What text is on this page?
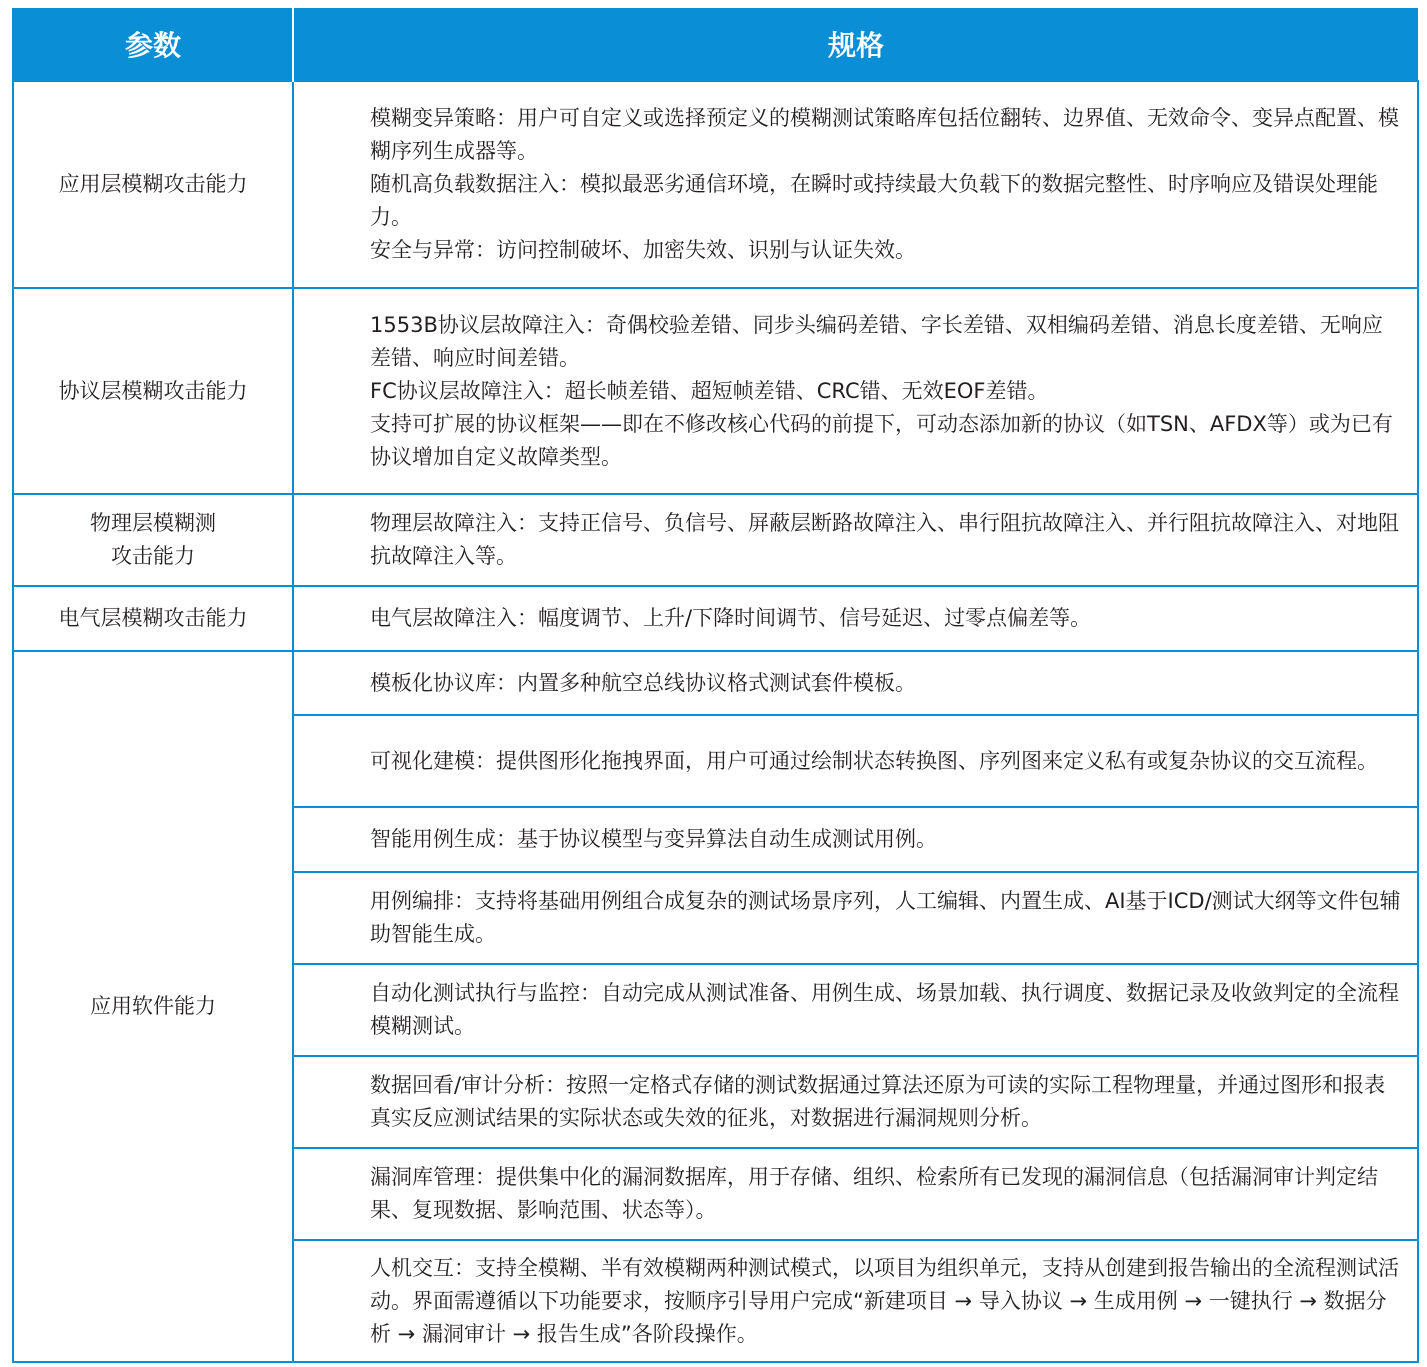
参数	规格
应用层模糊攻击能力	模糊变异策略：用户可自定义或选择预定义的模糊测试策略库包括位翻转、边界值、无效命令、变异点配置、模糊序列生成器等。
随机高负载数据注入：模拟最恶劣通信环境，在瞬时或持续最大负载下的数据完整性、时序响应及错误处理能力。
安全与异常：访问控制破坏、加密失效、识别与认证失效。

协议层模糊攻击能力	1553B协议层故障注入：奇偶校验差错、同步头编码差错、字长差错、双相编码差错、消息长度差错、无响应差错、响应时间差错。
FC协议层故障注入：超长帧差错、超短帧差错、CRC错、无效EOF差错。
支持可扩展的协议框架——即在不修改核心代码的前提下，可动态添加新的协议（如TSN、AFDX等）或为已有协议增加自定义故障类型。

物理层模糊测
攻击能力	物理层故障注入：支持正信号、负信号、屏蔽层断路故障注入、串行阻抗故障注入、并行阻抗故障注入、对地阻抗故障注入等。

电气层模糊攻击能力	电气层故障注入：幅度调节、上升/下降时间调节、信号延迟、过零点偏差等。

应用软件能力	模板化协议库：内置多种航空总线协议格式测试套件模板。
	可视化建模：提供图形化拖拽界面，用户可通过绘制状态转换图、序列图来定义私有或复杂协议的交互流程。
	智能用例生成：基于协议模型与变异算法自动生成测试用例。
	用例编排：支持将基础用例组合成复杂的测试场景序列，人工编辑、内置生成、AI基于ICD/测试大纲等文件包辅助智能生成。
	自动化测试执行与监控：自动完成从测试准备、用例生成、场景加载、执行调度、数据记录及收敛判定的全流程模糊测试。
	数据回看/审计分析：按照一定格式存储的测试数据通过算法还原为可读的实际工程物理量，并通过图形和报表真实反应测试结果的实际状态或失效的征兆，对数据进行漏洞规则分析。
	漏洞库管理：提供集中化的漏洞数据库，用于存储、组织、检索所有已发现的漏洞信息（包括漏洞审计判定结果、复现数据、影响范围、状态等）。
	人机交互：支持全模糊、半有效模糊两种测试模式，以项目为组织单元，支持从创建到报告输出的全流程测试活动。界面需遵循以下功能要求，按顺序引导用户完成“新建项目 → 导入协议 → 生成用例 → 一键执行 → 数据分析 → 漏洞审计 → 报告生成”各阶段操作。
